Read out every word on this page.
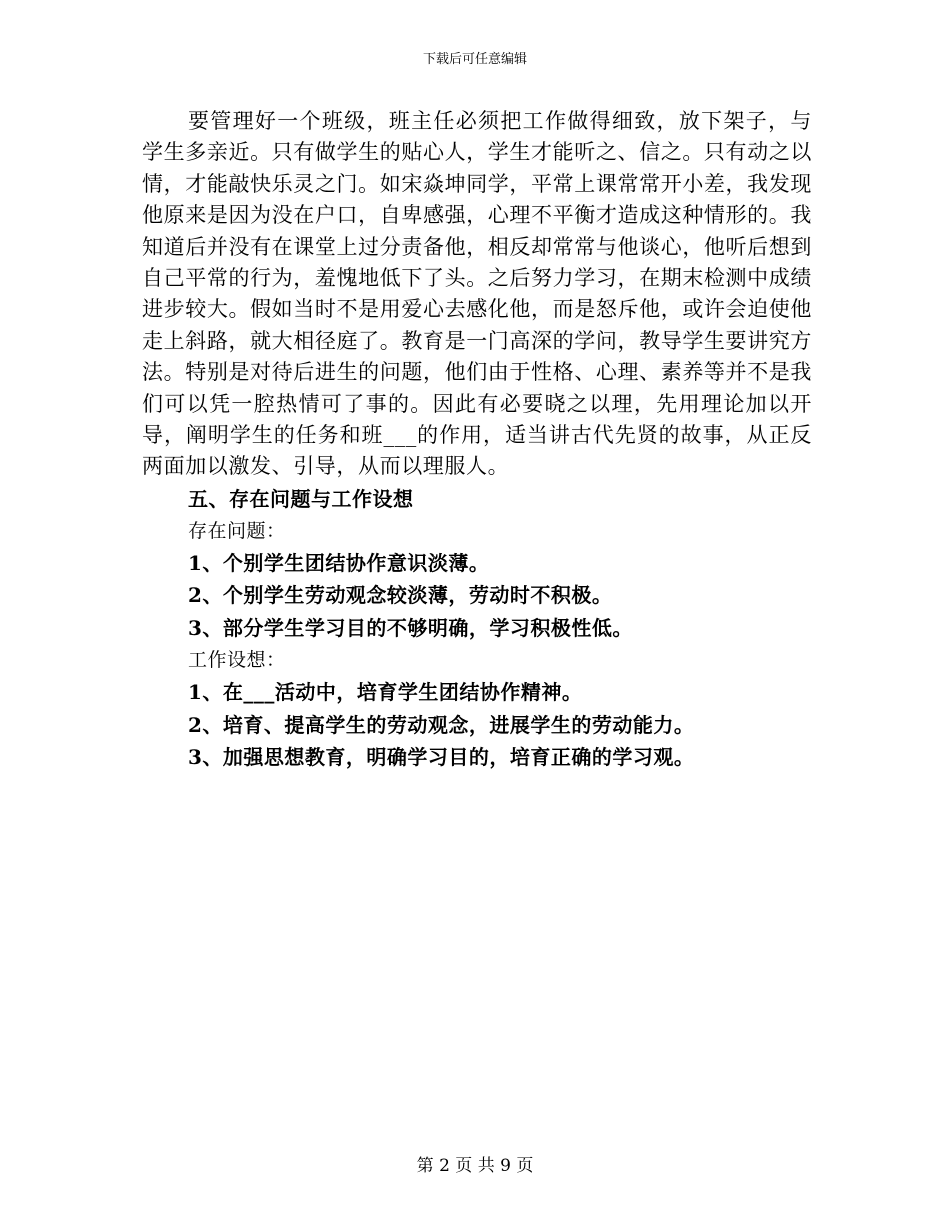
下载后可任意编辑

要管理好一个班级，班主任必须把工作做得细致，放下架子，与学生多亲近。只有做学生的贴心人，学生才能听之、信之。只有动之以情，才能敲快乐灵之门。如宋焱坤同学，平常上课常常开小差，我发现他原来是因为没在户口，自卑感强，心理不平衡才造成这种情形的。我知道后并没有在课堂上过分责备他，相反却常常与他谈心，他听后想到自己平常的行为，羞愧地低下了头。之后努力学习，在期末检测中成绩进步较大。假如当时不是用爱心去感化他，而是怒斥他，或许会迫使他走上斜路，就大相径庭了。教育是一门高深的学问，教导学生要讲究方法。特别是对待后进生的问题，他们由于性格、心理、素养等并不是我们可以凭一腔热情可了事的。因此有必要晓之以理，先用理论加以开导，阐明学生的任务和班___的作用，适当讲古代先贤的故事，从正反两面加以激发、引导，从而以理服人。

五、存在问题与工作设想

存在问题：

1、个别学生团结协作意识淡薄。

2、个别学生劳动观念较淡薄，劳动时不积极。

3、部分学生学习目的不够明确，学习积极性低。

工作设想：

1、在___活动中，培育学生团结协作精神。

2、培育、提高学生的劳动观念，进展学生的劳动能力。

3、加强思想教育，明确学习目的，培育正确的学习观。

第 2 页 共 9 页
